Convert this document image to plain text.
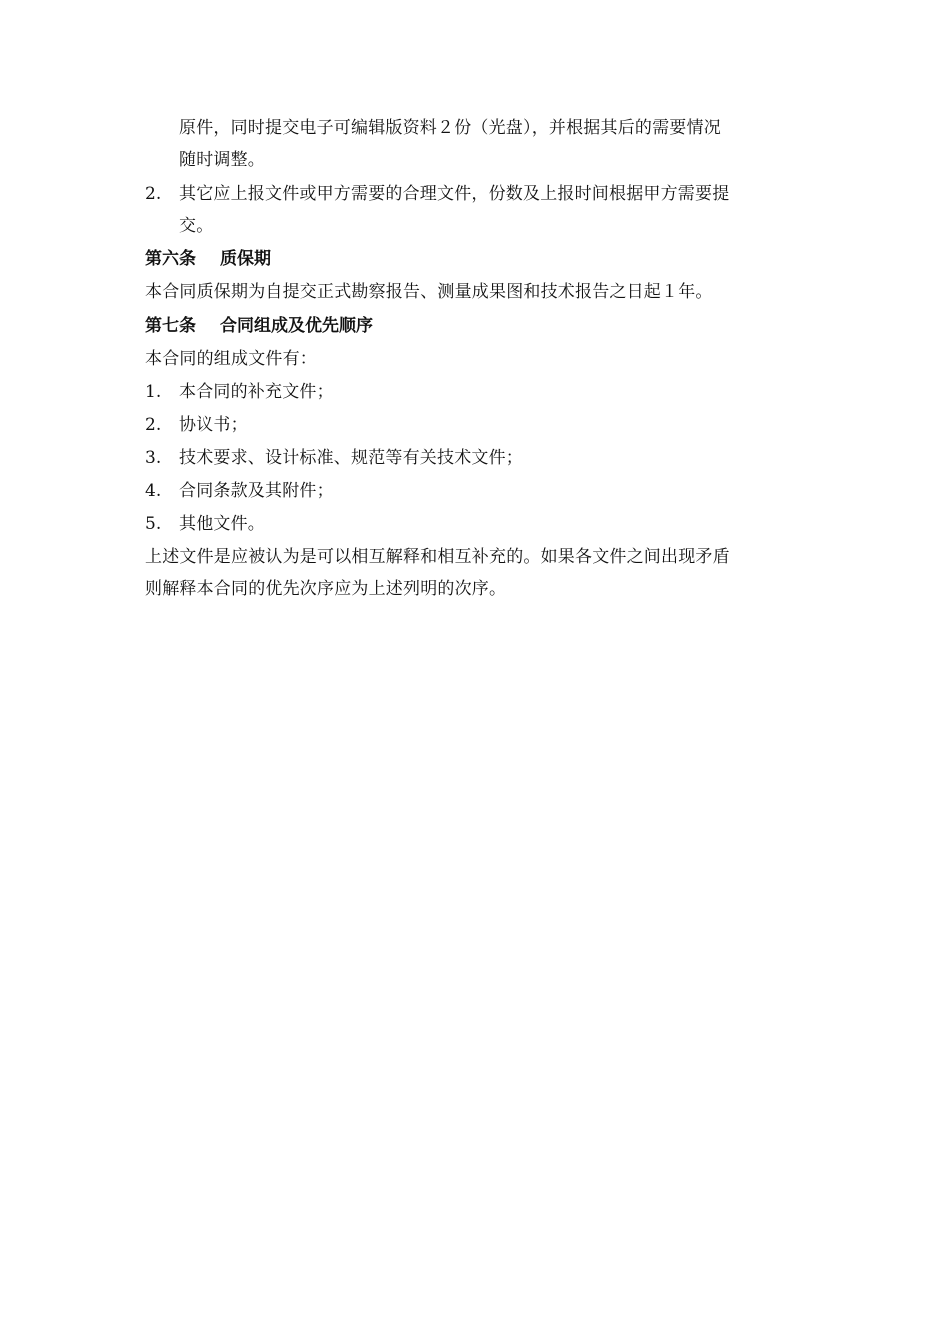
原件，同时提交电子可编辑版资料２份（光盘），并根据其后的需要情况
随时调整。
2.	其它应上报文件或甲方需要的合理文件，份数及上报时间根据甲方需要提
交。
第六条 质保期
本合同质保期为自提交正式勘察报告、测量成果图和技术报告之日起１年。
第七条 合同组成及优先顺序
本合同的组成文件有：
1.	本合同的补充文件；
2.	协议书；
3.	技术要求、设计标准、规范等有关技术文件；
4.	合同条款及其附件；
5.	其他文件。
上述文件是应被认为是可以相互解释和相互补充的。如果各文件之间出现矛盾
则解释本合同的优先次序应为上述列明的次序。
